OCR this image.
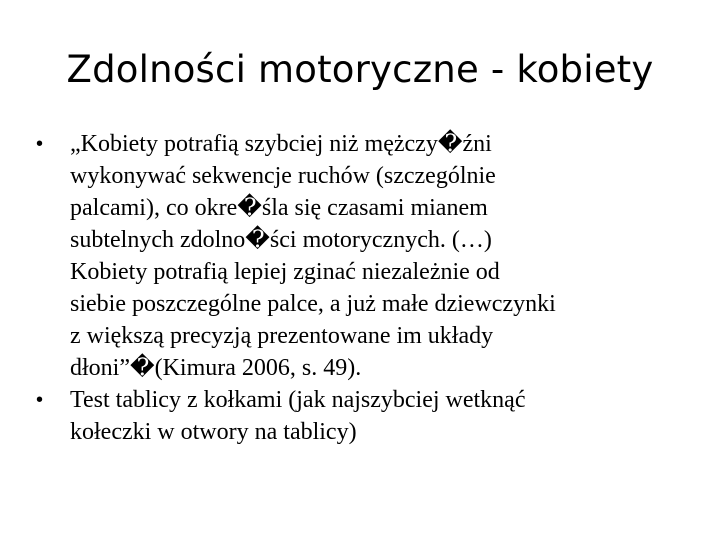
Zdolności motoryczne - kobiety
• „Kobiety potrafią szybciej niż mężczy�źni
wykonywać sekwencje ruchów (szczególnie
palcami), co okre�śla się czasami mianem
subtelnych zdolno�ści motorycznych. (…)
Kobiety potrafią lepiej zginać niezależnie od
siebie poszczególne palce, a już małe dziewczynki
z większą precyzją prezentowane im układy
dłoni”�(Kimura 2006, s. 49).
• Test tablicy z kołkami (jak najszybciej wetknąć
kołeczki w otwory na tablicy)
